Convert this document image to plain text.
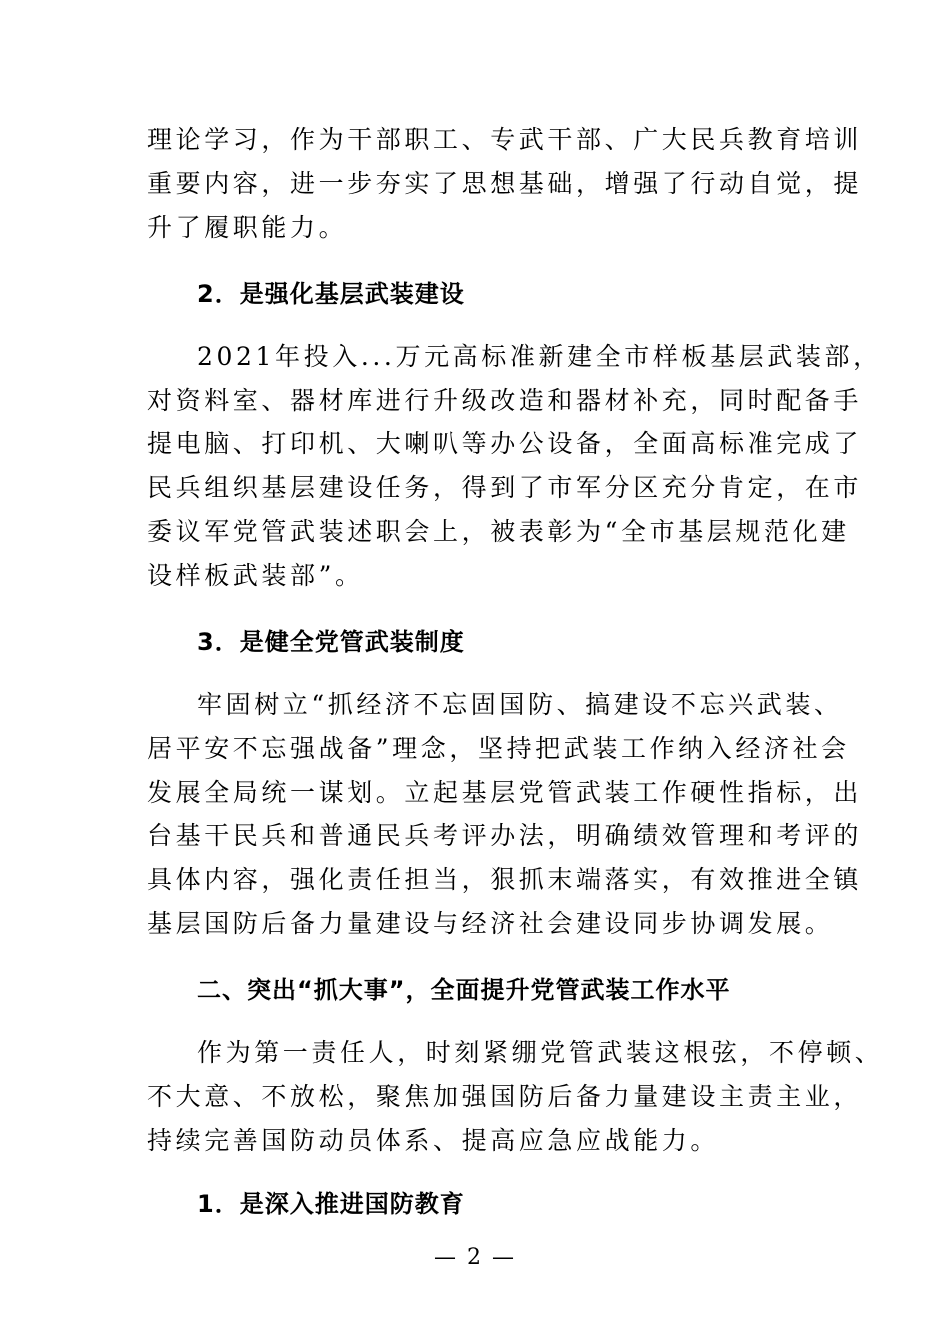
理论学习，作为干部职工、专武干部、广大民兵教育培训
重要内容，进一步夯实了思想基础，增强了行动自觉，提
升了履职能力。
2．是强化基层武装建设
2021年投入...万元高标准新建全市样板基层武装部，
对资料室、器材库进行升级改造和器材补充，同时配备手
提电脑、打印机、大喇叭等办公设备，全面高标准完成了
民兵组织基层建设任务，得到了市军分区充分肯定，在市
委议军党管武装述职会上，被表彰为“全市基层规范化建
设样板武装部”。
3．是健全党管武装制度
牢固树立“抓经济不忘固国防、搞建设不忘兴武装、
居平安不忘强战备”理念，坚持把武装工作纳入经济社会
发展全局统一谋划。立起基层党管武装工作硬性指标，出
台基干民兵和普通民兵考评办法，明确绩效管理和考评的
具体内容，强化责任担当，狠抓末端落实，有效推进全镇
基层国防后备力量建设与经济社会建设同步协调发展。
二、突出“抓大事”，全面提升党管武装工作水平
作为第一责任人，时刻紧绷党管武装这根弦，不停顿、
不大意、不放松，聚焦加强国防后备力量建设主责主业，
持续完善国防动员体系、提高应急应战能力。
1．是深入推进国防教育
— 2 —
